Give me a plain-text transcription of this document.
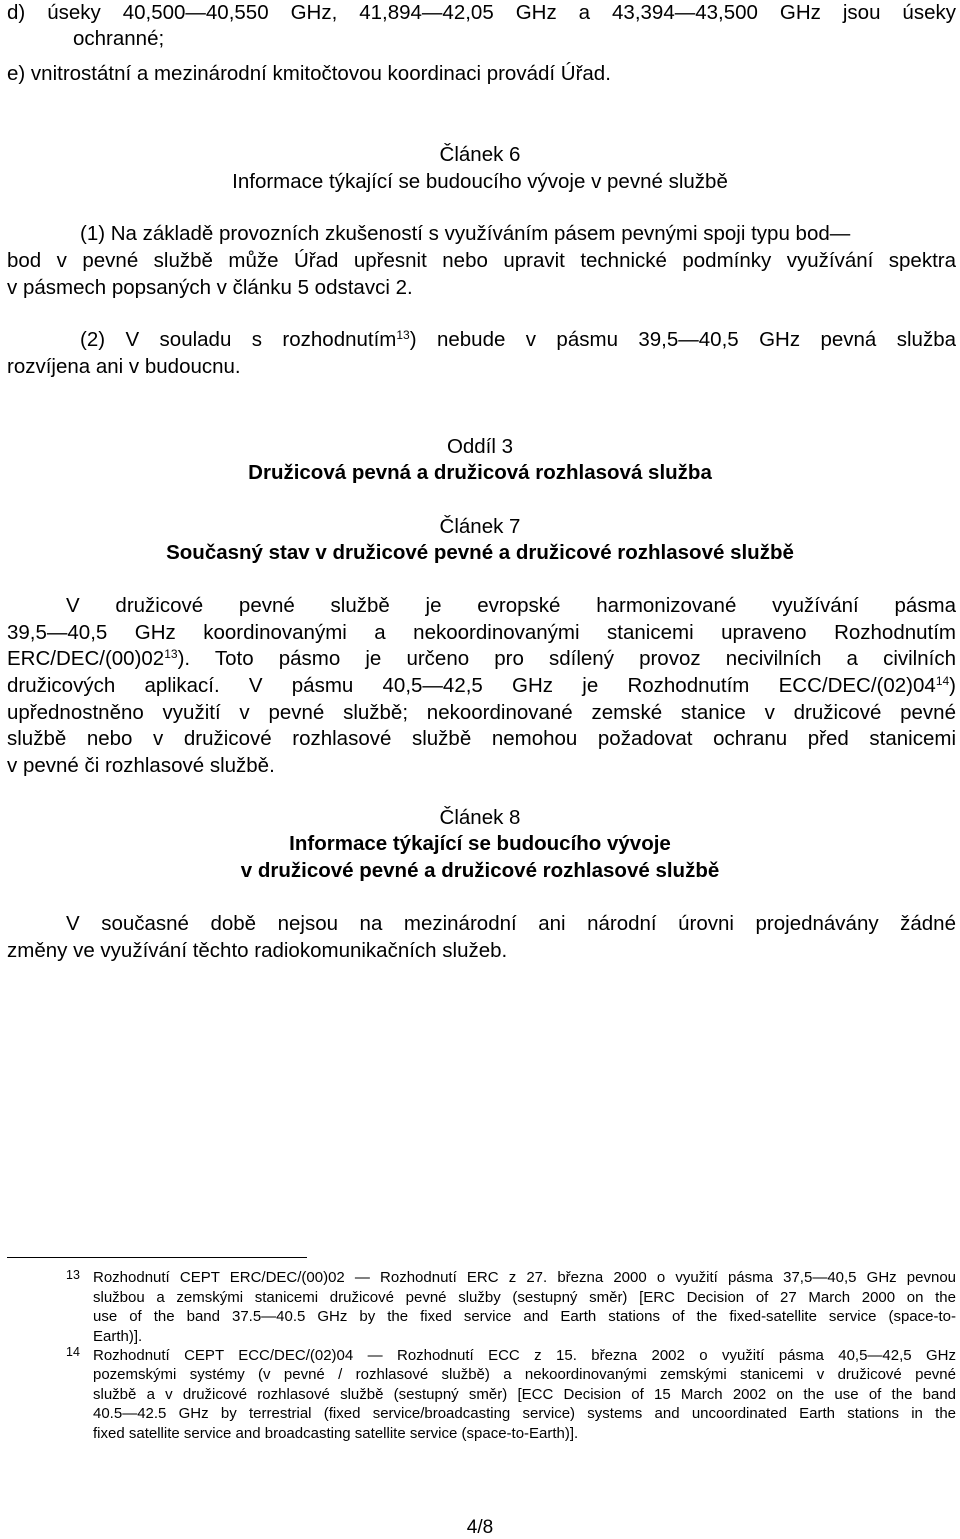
d) úseky 40,500—40,550 GHz, 41,894—42,05 GHz a 43,394—43,500 GHz jsou úseky
ochranné;
e) vnitrostátní a mezinárodní kmitočtovou koordinaci provádí Úřad.
Článek 6
Informace týkající se budoucího vývoje v pevné službě
(1) Na základě provozních zkušeností s využíváním pásem pevnými spoji typu bod—
bod v pevné službě může Úřad upřesnit nebo upravit technické podmínky využívání spektra
v pásmech popsaných v článku 5 odstavci 2.
(2) V souladu s rozhodnutím$^{13}$) nebude v pásmu 39,5—40,5 GHz pevná služba
rozvíjena ani v budoucnu.
Oddíl 3
Družicová pevná a družicová rozhlasová služba
Článek 7
Současný stav v družicové pevné a družicové rozhlasové službě
V družicové pevné službě je evropské harmonizované využívání pásma
39,5—40,5 GHz koordinovanými a nekoordinovanými stanicemi upraveno Rozhodnutím
ERC/$DEC/(00)02^{13}$). Toto pásmo je určeno pro sdílený provoz necivilních a civilních
družicových aplikací. V pásmu 40,5—42,5 GHz je Rozhodnutím ECC/$DEC/(02)04^{14}$)
upřednostněno využití v pevné službě; nekoordinované zemské stanice v družicové pevné
službě nebo v družicové rozhlasové službě nemohou požadovat ochranu před stanicemi
v pevné či rozhlasové službě.
Článek 8
Informace týkající se budoucího vývoje
v družicové pevné a družicové rozhlasové službě
V současné době nejsou na mezinárodní ani národní úrovni projednávány žádné
změny ve využívání těchto radiokomunikačních služeb.
13 Rozhodnutí CEPT ERC/DEC/(00)02 — Rozhodnutí ERC z 27. března 2000 o využití pásma 37,5—40,5 GHz pevnou
službou a zemskými stanicemi družicové pevné služby (sestupný směr) [ERC Decision of 27 March 2000 on the
use of the band 37.5—40.5 GHz by the fixed service and Earth stations of the fixed-satellite service (space-to-
Earth)].
14 Rozhodnutí CEPT ECC/DEC/(02)04 — Rozhodnutí ECC z 15. března 2002 o využití pásma 40,5—42,5 GHz
pozemskými systémy (v pevné / rozhlasové službě) a nekoordinovanými zemskými stanicemi v družicové pevné
službě a v družicové rozhlasové službě (sestupný směr) [ECC Decision of 15 March 2002 on the use of the band
40.5—42.5 GHz by terrestrial (fixed service/broadcasting service) systems and uncoordinated Earth stations in the
fixed satellite service and broadcasting satellite service (space-to-Earth)].
4/8
